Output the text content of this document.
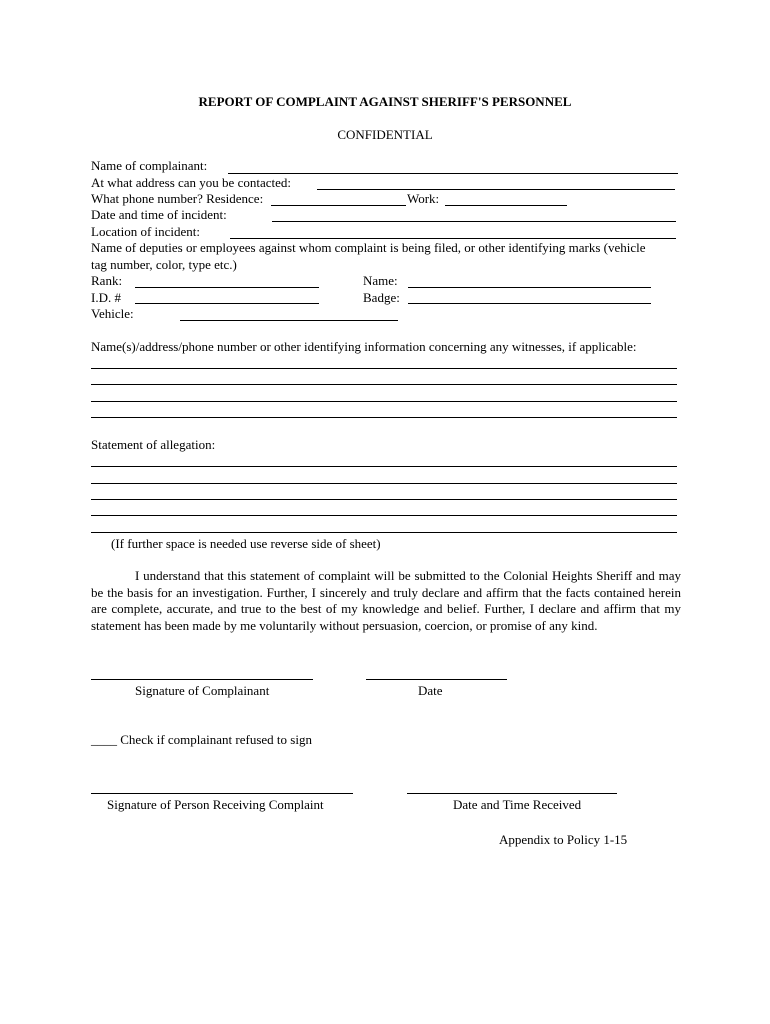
REPORT OF COMPLAINT AGAINST SHERIFF'S PERSONNEL
CONFIDENTIAL
Name of complainant:
At what address can you be contacted:
What phone number? Residence:	Work:
Date and time of incident:
Location of incident:
Name of deputies or employees against whom complaint is being filed, or other identifying marks (vehicle
tag number, color, type etc.)
Rank:	Name:
I.D. #	Badge:
Vehicle:
Name(s)/address/phone number or other identifying information concerning any witnesses, if applicable:
Statement of allegation:
(If further space is needed use reverse side of sheet)
I understand that this statement of complaint will be submitted to the Colonial Heights Sheriff and may be the basis for an investigation. Further, I sincerely and truly declare and affirm that the facts contained herein are complete, accurate, and true to the best of my knowledge and belief. Further, I declare and affirm that my statement has been made by me voluntarily without persuasion, coercion, or promise of any kind.
Signature of Complainant	Date
____ Check if complainant refused to sign
Signature of Person Receiving Complaint	Date and Time Received
Appendix to Policy 1-15
